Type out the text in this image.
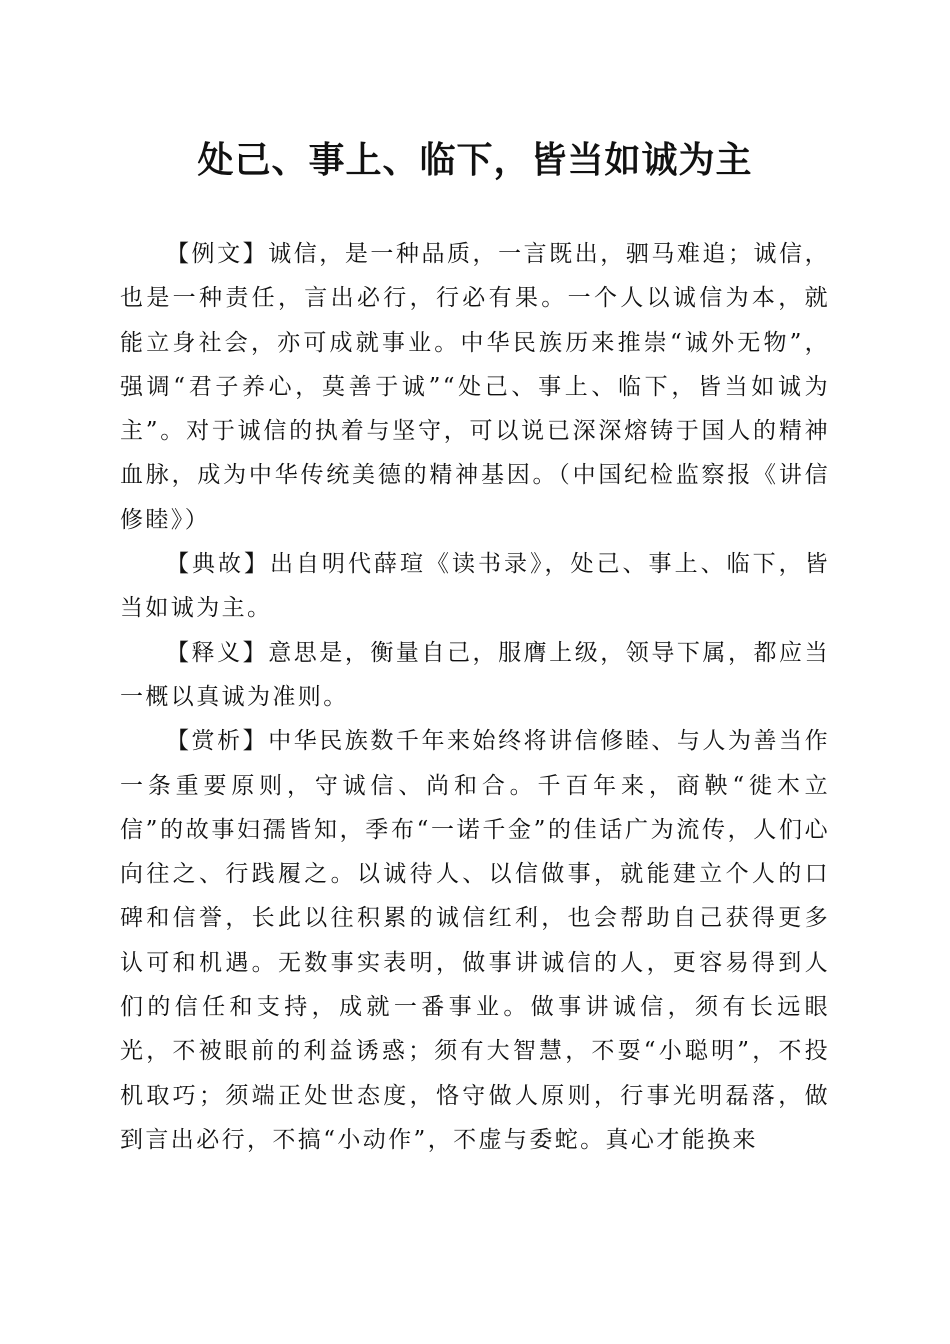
处己、事上、临下，皆当如诚为主

【例文】诚信，是一种品质，一言既出，驷马难追；诚信，也是一种责任，言出必行，行必有果。一个人以诚信为本，就能立身社会，亦可成就事业。中华民族历来推崇“诚外无物”，强调“君子养心，莫善于诚”“处己、事上、临下，皆当如诚为主”。对于诚信的执着与坚守，可以说已深深熔铸于国人的精神血脉，成为中华传统美德的精神基因。（中国纪检监察报《讲信修睦》）

【典故】出自明代薛瑄《读书录》，处己、事上、临下，皆当如诚为主。

【释义】意思是，衡量自己，服膺上级，领导下属，都应当一概以真诚为准则。

【赏析】中华民族数千年来始终将讲信修睦、与人为善当作一条重要原则，守诚信、尚和合。千百年来，商鞅“徙木立信”的故事妇孺皆知，季布“一诺千金”的佳话广为流传，人们心向往之、行践履之。以诚待人、以信做事，就能建立个人的口碑和信誉，长此以往积累的诚信红利，也会帮助自己获得更多认可和机遇。无数事实表明，做事讲诚信的人，更容易得到人们的信任和支持，成就一番事业。做事讲诚信，须有长远眼光，不被眼前的利益诱惑；须有大智慧，不耍“小聪明”，不投机取巧；须端正处世态度，恪守做人原则，行事光明磊落，做到言出必行，不搞“小动作”，不虚与委蛇。真心才能换来
